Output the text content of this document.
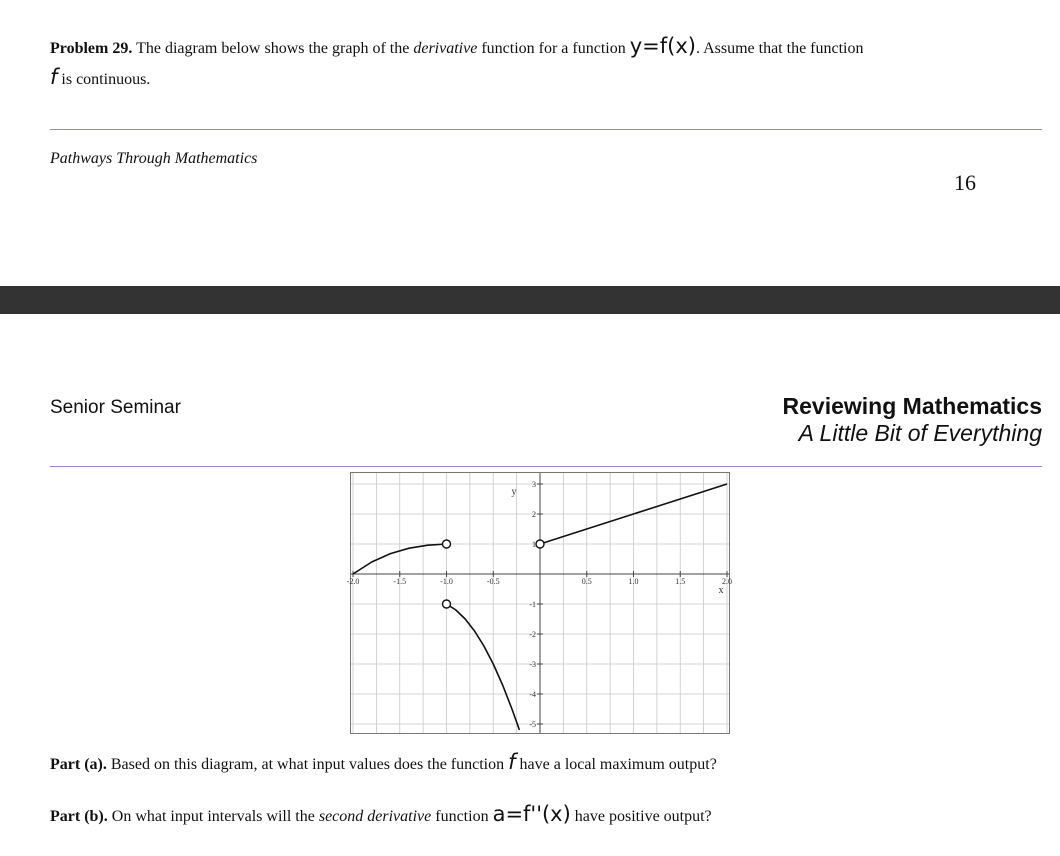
Problem 29. The diagram below shows the graph of the derivative function for a function y=f(x). Assume that the function
f is continuous.
Pathways Through Mathematics
16
Senior Seminar	Reviewing Mathematics
A Little Bit of Everything
-2.0	-1.5	-1.0	-0.5	0.5	1.0	1.5	2.0
-5
-4
-3
-2
-1
1
2
3
x
y
Part (a). Based on this diagram, at what input values does the function f have a local maximum output?
Part (b). On what input intervals will the second derivative function a=f''(x) have positive output?
